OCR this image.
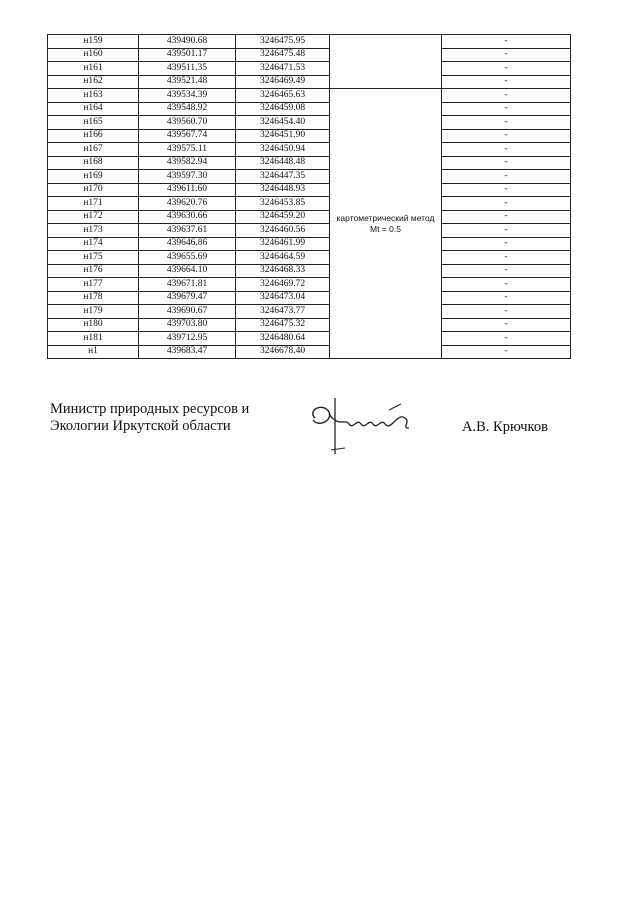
н159	439490.68	3246475.95		-
н160	439501.17	3246475.48		-
н161	439511.35	3246471.53		-
н162	439521.48	3246469.49		-
н163	439534.39	3246465.63	картометрический метод Mt = 0.5	-
н164	439548.92	3246459.08		-
н165	439560.70	3246454.40		-
н166	439567.74	3246451.90		-
н167	439575.11	3246450.94		-
н168	439582.94	3246448.48		-
н169	439597.30	3246447.35		-
н170	439611.60	3246448.93		-
н171	439620.76	3246453.85		-
н172	439630.66	3246459.20		-
н173	439637.61	3246460.56		-
н174	439646.86	3246461.99		-
н175	439655.69	3246464.59		-
н176	439664.10	3246468.33		-
н177	439671.81	3246469.72		-
н178	439679.47	3246473.04		-
н179	439690.67	3246473.77		-
н180	439703.80	3246475.32		-
н181	439712.95	3246480.64		-
н1	439683.47	3246678.40		-
Министр природных ресурсов и
Экологии Иркутской области	А.В. Крючков
